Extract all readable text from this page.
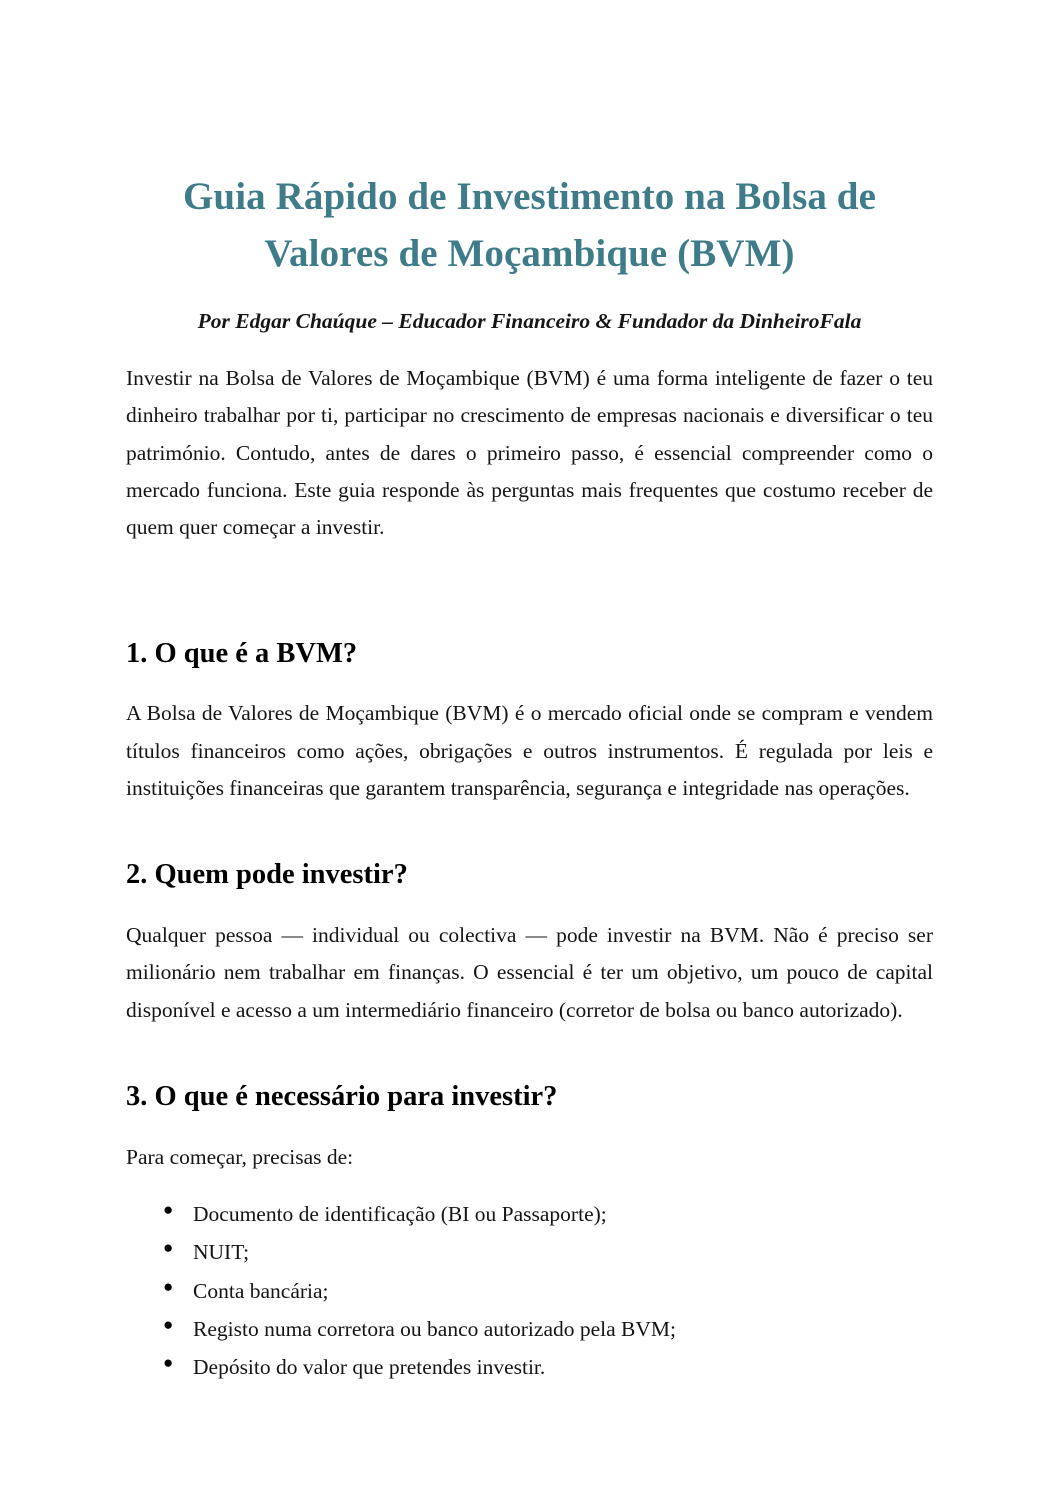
Guia Rápido de Investimento na Bolsa de Valores de Moçambique (BVM)

Por Edgar Chaúque – Educador Financeiro & Fundador da DinheiroFala

Investir na Bolsa de Valores de Moçambique (BVM) é uma forma inteligente de fazer o teu dinheiro trabalhar por ti, participar no crescimento de empresas nacionais e diversificar o teu património. Contudo, antes de dares o primeiro passo, é essencial compreender como o mercado funciona. Este guia responde às perguntas mais frequentes que costumo receber de quem quer começar a investir.

1. O que é a BVM?

A Bolsa de Valores de Moçambique (BVM) é o mercado oficial onde se compram e vendem títulos financeiros como ações, obrigações e outros instrumentos. É regulada por leis e instituições financeiras que garantem transparência, segurança e integridade nas operações.

2. Quem pode investir?

Qualquer pessoa — individual ou colectiva — pode investir na BVM. Não é preciso ser milionário nem trabalhar em finanças. O essencial é ter um objetivo, um pouco de capital disponível e acesso a um intermediário financeiro (corretor de bolsa ou banco autorizado).

3. O que é necessário para investir?

Para começar, precisas de:

● Documento de identificação (BI ou Passaporte);
● NUIT;
● Conta bancária;
● Registo numa corretora ou banco autorizado pela BVM;
● Depósito do valor que pretendes investir.
